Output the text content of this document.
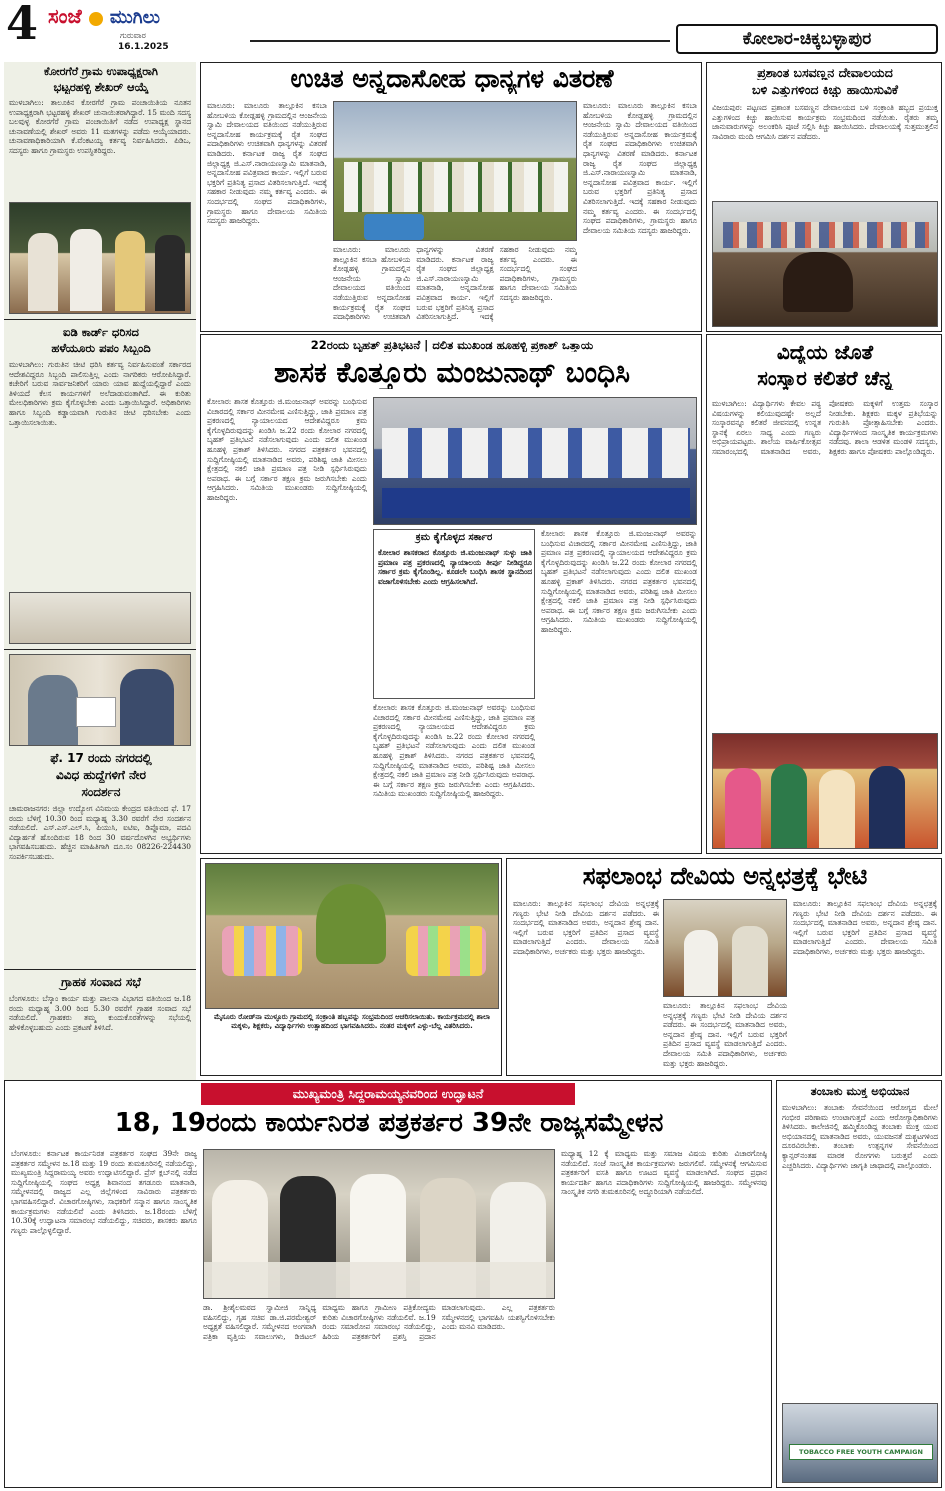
4 ಸಂಜೆ ಮುಗಿಲು
ಗುರುವಾರ
16.1.2025	ಕೋಲಾರ-ಚಿಕ್ಕಬಳ್ಳಾಪುರ
ಕೋರಗೆರೆ ಗ್ರಾಮ ಉಪಾಧ್ಯಕ್ಷರಾಗಿ
ಭಟ್ಟರಹಳ್ಳಿ ಶೇಖರ್ ಆಯ್ಕೆ
ಮುಳಬಾಗಿಲು: ತಾಲೂಕಿನ ಕೋರಗೆರೆ ಗ್ರಾಮ ಪಂಚಾಯಿತಿಯ ನೂತನ ಉಪಾಧ್ಯಕ್ಷರಾಗಿ ಭಟ್ಟರಹಳ್ಳಿ ಶೇಖರ್ ಚುನಾಯಿತರಾಗಿದ್ದಾರೆ. 15 ಮಂದಿ ಸದಸ್ಯ ಬಲವುಳ್ಳ ಕೋರಗೆರೆ ಗ್ರಾಮ ಪಂಚಾಯಿತಿಗೆ ನಡೆದ ಉಪಾಧ್ಯಕ್ಷ ಸ್ಥಾನದ ಚುನಾವಣೆಯಲ್ಲಿ ಶೇಖರ್ ಅವರು 11 ಮತಗಳನ್ನು ಪಡೆದು ಆಯ್ಕೆಯಾದರು. ಚುನಾವಣಾಧಿಕಾರಿಯಾಗಿ ಕೆ.ವೆಂಕಟಯ್ಯ ಕರ್ತವ್ಯ ನಿರ್ವಹಿಸಿದರು. ಪಿಡಿಒ, ಸದಸ್ಯರು ಹಾಗೂ ಗ್ರಾಮಸ್ಥರು ಉಪಸ್ಥಿತರಿದ್ದರು.
ಐಡಿ ಕಾರ್ಡ್ ಧರಿಸದ
ಹಳೆಯೂರು ಪಪಂ ಸಿಬ್ಬಂದಿ
ಮುಳಬಾಗಿಲು: ಗುರುತಿನ ಚೀಟಿ ಧರಿಸಿ ಕರ್ತವ್ಯ ನಿರ್ವಹಿಸುವಂತೆ ಸರ್ಕಾರದ ಆದೇಶವಿದ್ದರೂ ಸಿಬ್ಬಂದಿ ಪಾಲಿಸುತ್ತಿಲ್ಲ ಎಂದು ನಾಗರಿಕರು ಆರೋಪಿಸಿದ್ದಾರೆ. ಕಚೇರಿಗೆ ಬರುವ ಸಾರ್ವಜನಿಕರಿಗೆ ಯಾರು ಯಾವ ಹುದ್ದೆಯಲ್ಲಿದ್ದಾರೆ ಎಂದು ತಿಳಿಯದೆ ಕೆಲಸ ಕಾರ್ಯಗಳಿಗೆ ಅಲೆದಾಡುವಂತಾಗಿದೆ. ಈ ಕುರಿತು ಮೇಲಧಿಕಾರಿಗಳು ಕ್ರಮ ಕೈಗೊಳ್ಳಬೇಕು ಎಂದು ಒತ್ತಾಯಿಸಿದ್ದಾರೆ. ಅಧಿಕಾರಿಗಳು ಹಾಗೂ ಸಿಬ್ಬಂದಿ ಕಡ್ಡಾಯವಾಗಿ ಗುರುತಿನ ಚೀಟಿ ಧರಿಸಬೇಕು ಎಂದು ಒತ್ತಾಯಿಸಲಾಯಿತು.
ಫೆ. 17 ರಂದು ನಗರದಲ್ಲಿ
ವಿವಿಧ ಹುದ್ದೆಗಳಿಗೆ ನೇರ
ಸಂದರ್ಶನ
ಚಾಮರಾಜನಗರ: ಜಿಲ್ಲಾ ಉದ್ಯೋಗ ವಿನಿಮಯ ಕೇಂದ್ರದ ವತಿಯಿಂದ ಫೆ. 17 ರಂದು ಬೆಳಿಗ್ಗೆ 10.30 ರಿಂದ ಮಧ್ಯಾಹ್ನ 3.30 ರವರೆಗೆ ನೇರ ಸಂದರ್ಶನ ನಡೆಯಲಿದೆ. ಎಸ್.ಎಸ್.ಎಲ್.ಸಿ, ಪಿಯುಸಿ, ಐಟಿಐ, ಡಿಪ್ಲೊಮಾ, ಪದವಿ ವಿದ್ಯಾರ್ಹತೆ ಹೊಂದಿರುವ 18 ರಿಂದ 30 ವರ್ಷದೊಳಗಿನ ಅಭ್ಯರ್ಥಿಗಳು ಭಾಗವಹಿಸಬಹುದು. ಹೆಚ್ಚಿನ ಮಾಹಿತಿಗಾಗಿ ದೂ.ಸಂ 08226-224430 ಸಂಪರ್ಕಿಸಬಹುದು.
ಗ್ರಾಹಕ ಸಂವಾದ ಸಭೆ
ಬೆಂಗಳೂರು: ಬೆಸ್ಕಾಂ ಕಾರ್ಯ ಮತ್ತು ಪಾಲನಾ ವಿಭಾಗದ ವತಿಯಿಂದ ಜ.18 ರಂದು ಮಧ್ಯಾಹ್ನ 3.00 ರಿಂದ 5.30 ರವರೆಗೆ ಗ್ರಾಹಕ ಸಂವಾದ ಸಭೆ ನಡೆಯಲಿದೆ. ಗ್ರಾಹಕರು ತಮ್ಮ ಕುಂದುಕೊರತೆಗಳನ್ನು ಸಭೆಯಲ್ಲಿ ಹೇಳಿಕೊಳ್ಳಬಹುದು ಎಂದು ಪ್ರಕಟಣೆ ತಿಳಿಸಿದೆ.
ಉಚಿತ ಅನ್ನದಾಸೋಹ ಧಾನ್ಯಗಳ ವಿತರಣೆ
ಮಾಲೂರು: ಮಾಲೂರು ತಾಲ್ಲೂಕಿನ ಕಸಬಾ ಹೋಬಳಿಯ ಕೋಡ್ಲಹಳ್ಳಿ ಗ್ರಾಮದಲ್ಲಿನ ಆಂಜನೇಯ ಸ್ವಾಮಿ ದೇವಾಲಯದ ವತಿಯಿಂದ ನಡೆಯುತ್ತಿರುವ ಅನ್ನದಾಸೋಹ ಕಾರ್ಯಕ್ರಮಕ್ಕೆ ರೈತ ಸಂಘದ ಪದಾಧಿಕಾರಿಗಳು ಉಚಿತವಾಗಿ ಧಾನ್ಯಗಳನ್ನು ವಿತರಣೆ ಮಾಡಿದರು. ಕರ್ನಾಟಕ ರಾಜ್ಯ ರೈತ ಸಂಘದ ಜಿಲ್ಲಾಧ್ಯಕ್ಷ ಜಿ.ಎಸ್.ನಾರಾಯಣಸ್ವಾಮಿ ಮಾತನಾಡಿ, ಅನ್ನದಾಸೋಹ ಪವಿತ್ರವಾದ ಕಾರ್ಯ. ಇಲ್ಲಿಗೆ ಬರುವ ಭಕ್ತರಿಗೆ ಪ್ರತಿನಿತ್ಯ ಪ್ರಸಾದ ವಿತರಿಸಲಾಗುತ್ತಿದೆ. ಇದಕ್ಕೆ ಸಹಕಾರ ನೀಡುವುದು ನಮ್ಮ ಕರ್ತವ್ಯ ಎಂದರು. ಈ ಸಂದರ್ಭದಲ್ಲಿ ಸಂಘದ ಪದಾಧಿಕಾರಿಗಳು, ಗ್ರಾಮಸ್ಥರು ಹಾಗೂ ದೇವಾಲಯ ಸಮಿತಿಯ ಸದಸ್ಯರು ಹಾಜರಿದ್ದರು.
ಮಾಲೂರು: ಮಾಲೂರು ತಾಲ್ಲೂಕಿನ ಕಸಬಾ ಹೋಬಳಿಯ ಕೋಡ್ಲಹಳ್ಳಿ ಗ್ರಾಮದಲ್ಲಿನ ಆಂಜನೇಯ ಸ್ವಾಮಿ ದೇವಾಲಯದ ವತಿಯಿಂದ ನಡೆಯುತ್ತಿರುವ ಅನ್ನದಾಸೋಹ ಕಾರ್ಯಕ್ರಮಕ್ಕೆ ರೈತ ಸಂಘದ ಪದಾಧಿಕಾರಿಗಳು ಉಚಿತವಾಗಿ ಧಾನ್ಯಗಳನ್ನು ವಿತರಣೆ ಮಾಡಿದರು. ಕರ್ನಾಟಕ ರಾಜ್ಯ ರೈತ ಸಂಘದ ಜಿಲ್ಲಾಧ್ಯಕ್ಷ ಜಿ.ಎಸ್.ನಾರಾಯಣಸ್ವಾಮಿ ಮಾತನಾಡಿ, ಅನ್ನದಾಸೋಹ ಪವಿತ್ರವಾದ ಕಾರ್ಯ. ಇಲ್ಲಿಗೆ ಬರುವ ಭಕ್ತರಿಗೆ ಪ್ರತಿನಿತ್ಯ ಪ್ರಸಾದ ವಿತರಿಸಲಾಗುತ್ತಿದೆ. ಇದಕ್ಕೆ ಸಹಕಾರ ನೀಡುವುದು ನಮ್ಮ ಕರ್ತವ್ಯ ಎಂದರು. ಈ ಸಂದರ್ಭದಲ್ಲಿ ಸಂಘದ ಪದಾಧಿಕಾರಿಗಳು, ಗ್ರಾಮಸ್ಥರು ಹಾಗೂ ದೇವಾಲಯ ಸಮಿತಿಯ ಸದಸ್ಯರು ಹಾಜರಿದ್ದರು.
ಮಾಲೂರು: ಮಾಲೂರು ತಾಲ್ಲೂಕಿನ ಕಸಬಾ ಹೋಬಳಿಯ ಕೋಡ್ಲಹಳ್ಳಿ ಗ್ರಾಮದಲ್ಲಿನ ಆಂಜನೇಯ ಸ್ವಾಮಿ ದೇವಾಲಯದ ವತಿಯಿಂದ ನಡೆಯುತ್ತಿರುವ ಅನ್ನದಾಸೋಹ ಕಾರ್ಯಕ್ರಮಕ್ಕೆ ರೈತ ಸಂಘದ ಪದಾಧಿಕಾರಿಗಳು ಉಚಿತವಾಗಿ ಧಾನ್ಯಗಳನ್ನು ವಿತರಣೆ ಮಾಡಿದರು. ಕರ್ನಾಟಕ ರಾಜ್ಯ ರೈತ ಸಂಘದ ಜಿಲ್ಲಾಧ್ಯಕ್ಷ ಜಿ.ಎಸ್.ನಾರಾಯಣಸ್ವಾಮಿ ಮಾತನಾಡಿ, ಅನ್ನದಾಸೋಹ ಪವಿತ್ರವಾದ ಕಾರ್ಯ. ಇಲ್ಲಿಗೆ ಬರುವ ಭಕ್ತರಿಗೆ ಪ್ರತಿನಿತ್ಯ ಪ್ರಸಾದ ವಿತರಿಸಲಾಗುತ್ತಿದೆ. ಇದಕ್ಕೆ ಸಹಕಾರ ನೀಡುವುದು ನಮ್ಮ ಕರ್ತವ್ಯ ಎಂದರು. ಈ ಸಂದರ್ಭದಲ್ಲಿ ಸಂಘದ ಪದಾಧಿಕಾರಿಗಳು, ಗ್ರಾಮಸ್ಥರು ಹಾಗೂ ದೇವಾಲಯ ಸಮಿತಿಯ ಸದಸ್ಯರು ಹಾಜರಿದ್ದರು.
ಪ್ರಶಾಂತ ಬಸವಣ್ಣನ ದೇವಾಲಯದ
ಬಳಿ ಎತ್ತುಗಳಿಂದ ಕಿಚ್ಚು ಹಾಯಿಸುವಿಕೆ
ವಿಜಯಪುರ: ಪಟ್ಟಣದ ಪ್ರಶಾಂತ ಬಸವಣ್ಣನ ದೇವಾಲಯದ ಬಳಿ ಸಂಕ್ರಾಂತಿ ಹಬ್ಬದ ಪ್ರಯುಕ್ತ ಎತ್ತುಗಳಿಂದ ಕಿಚ್ಚು ಹಾಯಿಸುವ ಕಾರ್ಯಕ್ರಮ ಸಂಭ್ರಮದಿಂದ ನಡೆಯಿತು. ರೈತರು ತಮ್ಮ ಜಾನುವಾರುಗಳನ್ನು ಅಲಂಕರಿಸಿ ಪೂಜೆ ಸಲ್ಲಿಸಿ ಕಿಚ್ಚು ಹಾಯಿಸಿದರು. ದೇವಾಲಯಕ್ಕೆ ಸುತ್ತಮುತ್ತಲಿನ ಸಾವಿರಾರು ಮಂದಿ ಆಗಮಿಸಿ ದರ್ಶನ ಪಡೆದರು.
22ರಂದು ಬೃಹತ್ ಪ್ರತಿಭಟನೆ | ದಲಿತ ಮುಖಂಡ ಹೂಹಳ್ಳಿ ಪ್ರಕಾಶ್ ಒತ್ತಾಯ
ಶಾಸಕ ಕೊತ್ತೂರು ಮಂಜುನಾಥ್ ಬಂಧಿಸಿ
ಕೋಲಾರ: ಶಾಸಕ ಕೊತ್ತೂರು ಜಿ.ಮಂಜುನಾಥ್ ಅವರನ್ನು ಬಂಧಿಸುವ ವಿಚಾರದಲ್ಲಿ ಸರ್ಕಾರ ಮೀನಮೇಷ ಎಣಿಸುತ್ತಿದ್ದು, ಜಾತಿ ಪ್ರಮಾಣ ಪತ್ರ ಪ್ರಕರಣದಲ್ಲಿ ನ್ಯಾಯಾಲಯದ ಆದೇಶವಿದ್ದರೂ ಕ್ರಮ ಕೈಗೊಳ್ಳದಿರುವುದನ್ನು ಖಂಡಿಸಿ ಜ.22 ರಂದು ಕೋಲಾರ ನಗರದಲ್ಲಿ ಬೃಹತ್ ಪ್ರತಿಭಟನೆ ನಡೆಸಲಾಗುವುದು ಎಂದು ದಲಿತ ಮುಖಂಡ ಹೂಹಳ್ಳಿ ಪ್ರಕಾಶ್ ತಿಳಿಸಿದರು. ನಗರದ ಪತ್ರಕರ್ತರ ಭವನದಲ್ಲಿ ಸುದ್ದಿಗೋಷ್ಠಿಯಲ್ಲಿ ಮಾತನಾಡಿದ ಅವರು, ಪರಿಶಿಷ್ಟ ಜಾತಿ ಮೀಸಲು ಕ್ಷೇತ್ರದಲ್ಲಿ ನಕಲಿ ಜಾತಿ ಪ್ರಮಾಣ ಪತ್ರ ನೀಡಿ ಸ್ಪರ್ಧಿಸಿರುವುದು ಅಪರಾಧ. ಈ ಬಗ್ಗೆ ಸರ್ಕಾರ ತಕ್ಷಣ ಕ್ರಮ ಜರುಗಿಸಬೇಕು ಎಂದು ಆಗ್ರಹಿಸಿದರು. ಸಮಿತಿಯ ಮುಖಂಡರು ಸುದ್ದಿಗೋಷ್ಠಿಯಲ್ಲಿ ಹಾಜರಿದ್ದರು.
ಕ್ರಮ ಕೈಗೊಳ್ಳದ ಸರ್ಕಾರ
ಕೋಲಾರ ಶಾಸಕರಾದ ಕೊತ್ತೂರು ಜಿ.ಮಂಜುನಾಥ್ ಸುಳ್ಳು ಜಾತಿ ಪ್ರಮಾಣ ಪತ್ರ ಪ್ರಕರಣದಲ್ಲಿ ನ್ಯಾಯಾಲಯ ತೀರ್ಪು ನೀಡಿದ್ದರೂ ಸರ್ಕಾರ ಕ್ರಮ ಕೈಗೊಂಡಿಲ್ಲ. ಕೂಡಲೇ ಬಂಧಿಸಿ ಶಾಸಕ ಸ್ಥಾನದಿಂದ ವಜಾಗೊಳಿಸಬೇಕು ಎಂದು ಆಗ್ರಹಿಸಲಾಗಿದೆ.
ಕೋಲಾರ: ಶಾಸಕ ಕೊತ್ತೂರು ಜಿ.ಮಂಜುನಾಥ್ ಅವರನ್ನು ಬಂಧಿಸುವ ವಿಚಾರದಲ್ಲಿ ಸರ್ಕಾರ ಮೀನಮೇಷ ಎಣಿಸುತ್ತಿದ್ದು, ಜಾತಿ ಪ್ರಮಾಣ ಪತ್ರ ಪ್ರಕರಣದಲ್ಲಿ ನ್ಯಾಯಾಲಯದ ಆದೇಶವಿದ್ದರೂ ಕ್ರಮ ಕೈಗೊಳ್ಳದಿರುವುದನ್ನು ಖಂಡಿಸಿ ಜ.22 ರಂದು ಕೋಲಾರ ನಗರದಲ್ಲಿ ಬೃಹತ್ ಪ್ರತಿಭಟನೆ ನಡೆಸಲಾಗುವುದು ಎಂದು ದಲಿತ ಮುಖಂಡ ಹೂಹಳ್ಳಿ ಪ್ರಕಾಶ್ ತಿಳಿಸಿದರು. ನಗರದ ಪತ್ರಕರ್ತರ ಭವನದಲ್ಲಿ ಸುದ್ದಿಗೋಷ್ಠಿಯಲ್ಲಿ ಮಾತನಾಡಿದ ಅವರು, ಪರಿಶಿಷ್ಟ ಜಾತಿ ಮೀಸಲು ಕ್ಷೇತ್ರದಲ್ಲಿ ನಕಲಿ ಜಾತಿ ಪ್ರಮಾಣ ಪತ್ರ ನೀಡಿ ಸ್ಪರ್ಧಿಸಿರುವುದು ಅಪರಾಧ. ಈ ಬಗ್ಗೆ ಸರ್ಕಾರ ತಕ್ಷಣ ಕ್ರಮ ಜರುಗಿಸಬೇಕು ಎಂದು ಆಗ್ರಹಿಸಿದರು. ಸಮಿತಿಯ ಮುಖಂಡರು ಸುದ್ದಿಗೋಷ್ಠಿಯಲ್ಲಿ ಹಾಜರಿದ್ದರು.
ಕೋಲಾರ: ಶಾಸಕ ಕೊತ್ತೂರು ಜಿ.ಮಂಜುನಾಥ್ ಅವರನ್ನು ಬಂಧಿಸುವ ವಿಚಾರದಲ್ಲಿ ಸರ್ಕಾರ ಮೀನಮೇಷ ಎಣಿಸುತ್ತಿದ್ದು, ಜಾತಿ ಪ್ರಮಾಣ ಪತ್ರ ಪ್ರಕರಣದಲ್ಲಿ ನ್ಯಾಯಾಲಯದ ಆದೇಶವಿದ್ದರೂ ಕ್ರಮ ಕೈಗೊಳ್ಳದಿರುವುದನ್ನು ಖಂಡಿಸಿ ಜ.22 ರಂದು ಕೋಲಾರ ನಗರದಲ್ಲಿ ಬೃಹತ್ ಪ್ರತಿಭಟನೆ ನಡೆಸಲಾಗುವುದು ಎಂದು ದಲಿತ ಮುಖಂಡ ಹೂಹಳ್ಳಿ ಪ್ರಕಾಶ್ ತಿಳಿಸಿದರು. ನಗರದ ಪತ್ರಕರ್ತರ ಭವನದಲ್ಲಿ ಸುದ್ದಿಗೋಷ್ಠಿಯಲ್ಲಿ ಮಾತನಾಡಿದ ಅವರು, ಪರಿಶಿಷ್ಟ ಜಾತಿ ಮೀಸಲು ಕ್ಷೇತ್ರದಲ್ಲಿ ನಕಲಿ ಜಾತಿ ಪ್ರಮಾಣ ಪತ್ರ ನೀಡಿ ಸ್ಪರ್ಧಿಸಿರುವುದು ಅಪರಾಧ. ಈ ಬಗ್ಗೆ ಸರ್ಕಾರ ತಕ್ಷಣ ಕ್ರಮ ಜರುಗಿಸಬೇಕು ಎಂದು ಆಗ್ರಹಿಸಿದರು. ಸಮಿತಿಯ ಮುಖಂಡರು ಸುದ್ದಿಗೋಷ್ಠಿಯಲ್ಲಿ ಹಾಜರಿದ್ದರು.
ವಿದ್ಯೆಯ ಜೊತೆ
ಸಂಸ್ಕಾರ ಕಲಿತರೆ ಚೆನ್ನ
ಮುಳಬಾಗಿಲು: ವಿದ್ಯಾರ್ಥಿಗಳು ಕೇವಲ ಪಠ್ಯ ವಿಷಯಗಳನ್ನು ಕಲಿಯುವುದಷ್ಟೇ ಅಲ್ಲದೆ ಸಂಸ್ಕಾರವನ್ನೂ ಕಲಿತರೆ ಜೀವನದಲ್ಲಿ ಉನ್ನತ ಸ್ಥಾನಕ್ಕೆ ಏರಲು ಸಾಧ್ಯ ಎಂದು ಗಣ್ಯರು ಅಭಿಪ್ರಾಯಪಟ್ಟರು. ಶಾಲೆಯ ವಾರ್ಷಿಕೋತ್ಸವ ಸಮಾರಂಭದಲ್ಲಿ ಮಾತನಾಡಿದ ಅವರು, ಪೋಷಕರು ಮಕ್ಕಳಿಗೆ ಉತ್ತಮ ಸಂಸ್ಕಾರ ನೀಡಬೇಕು. ಶಿಕ್ಷಕರು ಮಕ್ಕಳ ಪ್ರತಿಭೆಯನ್ನು ಗುರುತಿಸಿ ಪ್ರೋತ್ಸಾಹಿಸಬೇಕು ಎಂದರು. ವಿದ್ಯಾರ್ಥಿಗಳಿಂದ ಸಾಂಸ್ಕೃತಿಕ ಕಾರ್ಯಕ್ರಮಗಳು ನಡೆದವು. ಶಾಲಾ ಆಡಳಿತ ಮಂಡಳಿ ಸದಸ್ಯರು, ಶಿಕ್ಷಕರು ಹಾಗೂ ಪೋಷಕರು ಪಾಲ್ಗೊಂಡಿದ್ದರು.
ಮೈಸೂರು ರೋಡ್‌ನಾ ಮುಳ್ಳೂರು ಗ್ರಾಮದಲ್ಲಿ ಸಂಕ್ರಾಂತಿ ಹಬ್ಬವನ್ನು ಸಂಭ್ರಮದಿಂದ ಆಚರಿಸಲಾಯಿತು. ಕಾರ್ಯಕ್ರಮದಲ್ಲಿ ಶಾಲಾ ಮಕ್ಕಳು, ಶಿಕ್ಷಕರು, ವಿದ್ಯಾರ್ಥಿಗಳು ಉತ್ಸಾಹದಿಂದ ಭಾಗವಹಿಸಿದರು. ನಂತರ ಮಕ್ಕಳಿಗೆ ಎಳ್ಳು-ಬೆಲ್ಲ ವಿತರಿಸಿದರು.
ಸಫಲಾಂಭ ದೇವಿಯ ಅನ್ನಛತ್ರಕ್ಕೆ ಭೇಟಿ
ಮಾಲೂರು: ತಾಲ್ಲೂಕಿನ ಸಫಲಾಂಭ ದೇವಿಯ ಅನ್ನಛತ್ರಕ್ಕೆ ಗಣ್ಯರು ಭೇಟಿ ನೀಡಿ ದೇವಿಯ ದರ್ಶನ ಪಡೆದರು. ಈ ಸಂದರ್ಭದಲ್ಲಿ ಮಾತನಾಡಿದ ಅವರು, ಅನ್ನದಾನ ಶ್ರೇಷ್ಠ ದಾನ. ಇಲ್ಲಿಗೆ ಬರುವ ಭಕ್ತರಿಗೆ ಪ್ರತಿದಿನ ಪ್ರಸಾದ ವ್ಯವಸ್ಥೆ ಮಾಡಲಾಗುತ್ತಿದೆ ಎಂದರು. ದೇವಾಲಯ ಸಮಿತಿ ಪದಾಧಿಕಾರಿಗಳು, ಅರ್ಚಕರು ಮತ್ತು ಭಕ್ತರು ಹಾಜರಿದ್ದರು.
ಮಾಲೂರು: ತಾಲ್ಲೂಕಿನ ಸಫಲಾಂಭ ದೇವಿಯ ಅನ್ನಛತ್ರಕ್ಕೆ ಗಣ್ಯರು ಭೇಟಿ ನೀಡಿ ದೇವಿಯ ದರ್ಶನ ಪಡೆದರು. ಈ ಸಂದರ್ಭದಲ್ಲಿ ಮಾತನಾಡಿದ ಅವರು, ಅನ್ನದಾನ ಶ್ರೇಷ್ಠ ದಾನ. ಇಲ್ಲಿಗೆ ಬರುವ ಭಕ್ತರಿಗೆ ಪ್ರತಿದಿನ ಪ್ರಸಾದ ವ್ಯವಸ್ಥೆ ಮಾಡಲಾಗುತ್ತಿದೆ ಎಂದರು. ದೇವಾಲಯ ಸಮಿತಿ ಪದಾಧಿಕಾರಿಗಳು, ಅರ್ಚಕರು ಮತ್ತು ಭಕ್ತರು ಹಾಜರಿದ್ದರು.
ಮಾಲೂರು: ತಾಲ್ಲೂಕಿನ ಸಫಲಾಂಭ ದೇವಿಯ ಅನ್ನಛತ್ರಕ್ಕೆ ಗಣ್ಯರು ಭೇಟಿ ನೀಡಿ ದೇವಿಯ ದರ್ಶನ ಪಡೆದರು. ಈ ಸಂದರ್ಭದಲ್ಲಿ ಮಾತನಾಡಿದ ಅವರು, ಅನ್ನದಾನ ಶ್ರೇಷ್ಠ ದಾನ. ಇಲ್ಲಿಗೆ ಬರುವ ಭಕ್ತರಿಗೆ ಪ್ರತಿದಿನ ಪ್ರಸಾದ ವ್ಯವಸ್ಥೆ ಮಾಡಲಾಗುತ್ತಿದೆ ಎಂದರು. ದೇವಾಲಯ ಸಮಿತಿ ಪದಾಧಿಕಾರಿಗಳು, ಅರ್ಚಕರು ಮತ್ತು ಭಕ್ತರು ಹಾಜರಿದ್ದರು.
ಮುಖ್ಯಮಂತ್ರಿ ಸಿದ್ದರಾಮಯ್ಯನವರಿಂದ ಉದ್ಘಾಟನೆ
18, 19ರಂದು ಕಾರ್ಯನಿರತ ಪತ್ರಕರ್ತರ 39ನೇ ರಾಜ್ಯಸಮ್ಮೇಳನ
ಬೆಂಗಳೂರು: ಕರ್ನಾಟಕ ಕಾರ್ಯನಿರತ ಪತ್ರಕರ್ತರ ಸಂಘದ 39ನೇ ರಾಜ್ಯ ಪತ್ರಕರ್ತರ ಸಮ್ಮೇಳನ ಜ.18 ಮತ್ತು 19 ರಂದು ತುಮಕೂರಿನಲ್ಲಿ ನಡೆಯಲಿದ್ದು, ಮುಖ್ಯಮಂತ್ರಿ ಸಿದ್ದರಾಮಯ್ಯ ಅವರು ಉದ್ಘಾಟಿಸಲಿದ್ದಾರೆ. ಪ್ರೆಸ್ ಕ್ಲಬ್‌ನಲ್ಲಿ ನಡೆದ ಸುದ್ದಿಗೋಷ್ಠಿಯಲ್ಲಿ ಸಂಘದ ಅಧ್ಯಕ್ಷ ಶಿವಾನಂದ ತಗಡೂರು ಮಾತನಾಡಿ, ಸಮ್ಮೇಳನದಲ್ಲಿ ರಾಜ್ಯದ ಎಲ್ಲ ಜಿಲ್ಲೆಗಳಿಂದ ಸಾವಿರಾರು ಪತ್ರಕರ್ತರು ಭಾಗವಹಿಸಲಿದ್ದಾರೆ. ವಿಚಾರಗೋಷ್ಠಿಗಳು, ಸಾಧಕರಿಗೆ ಸನ್ಮಾನ ಹಾಗೂ ಸಾಂಸ್ಕೃತಿಕ ಕಾರ್ಯಕ್ರಮಗಳು ನಡೆಯಲಿವೆ ಎಂದು ತಿಳಿಸಿದರು. ಜ.18ರಂದು ಬೆಳಿಗ್ಗೆ 10.30ಕ್ಕೆ ಉದ್ಘಾಟನಾ ಸಮಾರಂಭ ನಡೆಯಲಿದ್ದು, ಸಚಿವರು, ಶಾಸಕರು ಹಾಗೂ ಗಣ್ಯರು ಪಾಲ್ಗೊಳ್ಳಲಿದ್ದಾರೆ.
ಡಾ. ಶ್ರೀಶೈಲಮಠದ ಸ್ವಾಮೀಜಿ ಸಾನ್ನಿಧ್ಯ ವಹಿಸಲಿದ್ದು, ಗೃಹ ಸಚಿವ ಡಾ.ಜಿ.ಪರಮೇಶ್ವರ್ ಅಧ್ಯಕ್ಷತೆ ವಹಿಸಲಿದ್ದಾರೆ. ಸಮ್ಮೇಳನದ ಅಂಗವಾಗಿ ಪತ್ರಿಕಾ ವೃತ್ತಿಯ ಸವಾಲುಗಳು, ಡಿಜಿಟಲ್ ಮಾಧ್ಯಮ ಹಾಗೂ ಗ್ರಾಮೀಣ ಪತ್ರಿಕೋದ್ಯಮ ಕುರಿತು ವಿಚಾರಗೋಷ್ಠಿಗಳು ನಡೆಯಲಿವೆ. ಜ.19 ರಂದು ಸಮಾರೋಪ ಸಮಾರಂಭ ನಡೆಯಲಿದ್ದು, ಹಿರಿಯ ಪತ್ರಕರ್ತರಿಗೆ ಪ್ರಶಸ್ತಿ ಪ್ರದಾನ ಮಾಡಲಾಗುವುದು. ಎಲ್ಲ ಪತ್ರಕರ್ತರು ಸಮ್ಮೇಳನದಲ್ಲಿ ಭಾಗವಹಿಸಿ ಯಶಸ್ವಿಗೊಳಿಸಬೇಕು ಎಂದು ಮನವಿ ಮಾಡಿದರು.
ಮಧ್ಯಾಹ್ನ 12 ಕ್ಕೆ ಮಾಧ್ಯಮ ಮತ್ತು ಸಮಾಜ ವಿಷಯ ಕುರಿತು ವಿಚಾರಗೋಷ್ಠಿ ನಡೆಯಲಿದೆ. ಸಂಜೆ ಸಾಂಸ್ಕೃತಿಕ ಕಾರ್ಯಕ್ರಮಗಳು ಜರುಗಲಿವೆ. ಸಮ್ಮೇಳನಕ್ಕೆ ಆಗಮಿಸುವ ಪತ್ರಕರ್ತರಿಗೆ ವಸತಿ ಹಾಗೂ ಊಟದ ವ್ಯವಸ್ಥೆ ಮಾಡಲಾಗಿದೆ. ಸಂಘದ ಪ್ರಧಾನ ಕಾರ್ಯದರ್ಶಿ ಹಾಗೂ ಪದಾಧಿಕಾರಿಗಳು ಸುದ್ದಿಗೋಷ್ಠಿಯಲ್ಲಿ ಹಾಜರಿದ್ದರು. ಸಮ್ಮೇಳನವು ಸಾಂಸ್ಕೃತಿಕ ನಗರಿ ತುಮಕೂರಿನಲ್ಲಿ ಅದ್ದೂರಿಯಾಗಿ ನಡೆಯಲಿದೆ.
ತಂಬಾಕು ಮುಕ್ತ ಅಭಿಯಾನ
ಮುಳಬಾಗಿಲು: ತಂಬಾಕು ಸೇವನೆಯಿಂದ ಆರೋಗ್ಯದ ಮೇಲೆ ಗಂಭೀರ ಪರಿಣಾಮ ಉಂಟಾಗುತ್ತದೆ ಎಂದು ಆರೋಗ್ಯಾಧಿಕಾರಿಗಳು ತಿಳಿಸಿದರು. ಕಾಲೇಜಿನಲ್ಲಿ ಹಮ್ಮಿಕೊಂಡಿದ್ದ ತಂಬಾಕು ಮುಕ್ತ ಯುವ ಅಭಿಯಾನದಲ್ಲಿ ಮಾತನಾಡಿದ ಅವರು, ಯುವಜನತೆ ದುಶ್ಚಟಗಳಿಂದ ದೂರವಿರಬೇಕು. ತಂಬಾಕು ಉತ್ಪನ್ನಗಳ ಸೇವನೆಯಿಂದ ಕ್ಯಾನ್ಸರ್‌ನಂತಹ ಮಾರಕ ರೋಗಗಳು ಬರುತ್ತವೆ ಎಂದು ಎಚ್ಚರಿಸಿದರು. ವಿದ್ಯಾರ್ಥಿಗಳು ಜಾಗೃತಿ ಜಾಥಾದಲ್ಲಿ ಪಾಲ್ಗೊಂಡರು.
TOBACCO FREE YOUTH CAMPAIGN
